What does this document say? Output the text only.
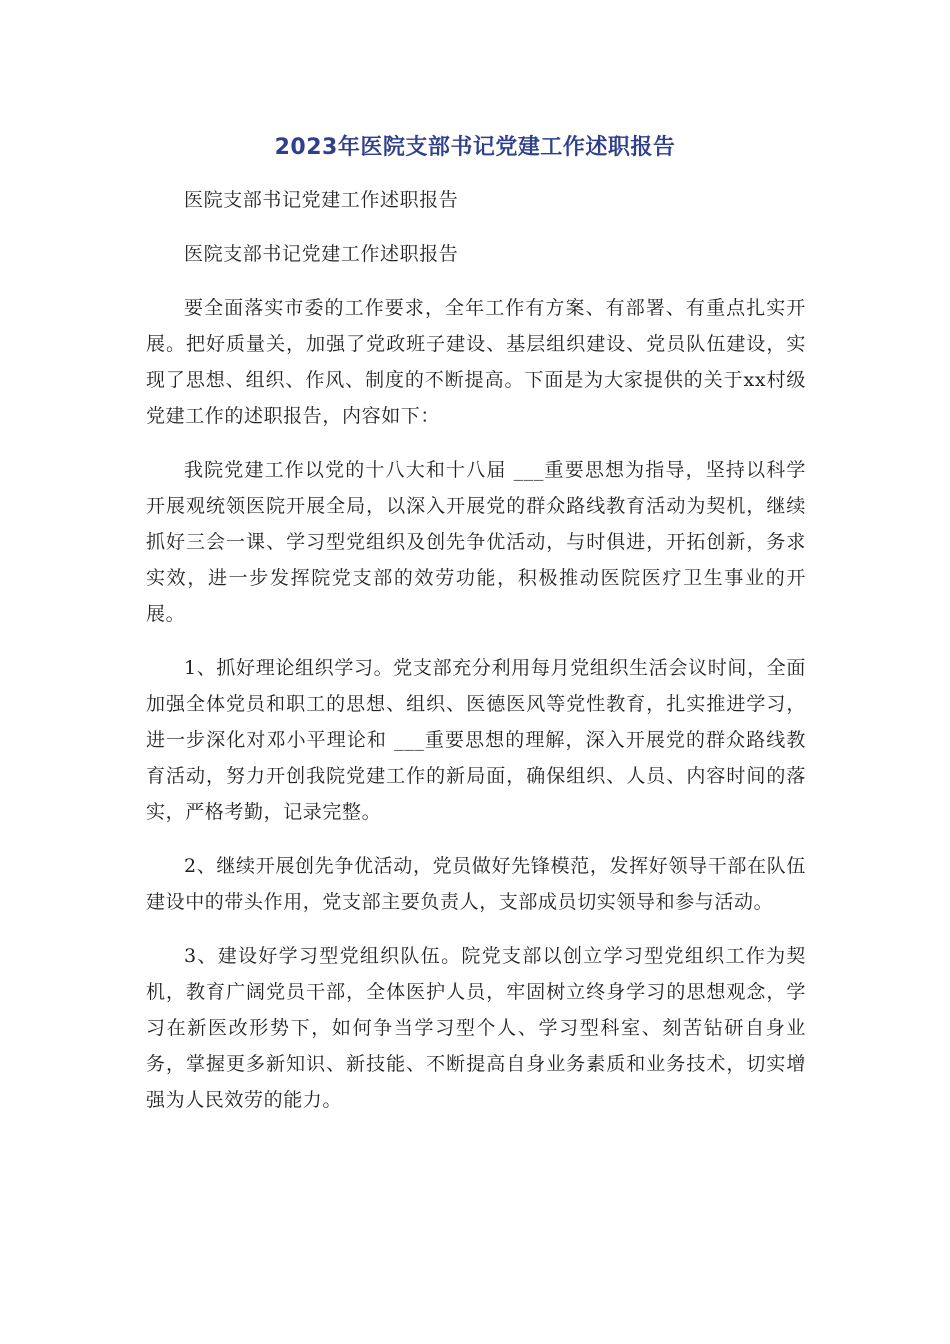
2023年医院支部书记党建工作述职报告

医院支部书记党建工作述职报告

医院支部书记党建工作述职报告

要全面落实市委的工作要求，全年工作有方案、有部署、有重点扎实开展。把好质量关，加强了党政班子建设、基层组织建设、党员队伍建设，实现了思想、组织、作风、制度的不断提高。下面是为大家提供的关于xx村级党建工作的述职报告，内容如下：

我院党建工作以党的十八大和十八届 ___重要思想为指导，坚持以科学开展观统领医院开展全局，以深入开展党的群众路线教育活动为契机，继续抓好三会一课、学习型党组织及创先争优活动，与时俱进，开拓创新，务求实效，进一步发挥院党支部的效劳功能，积极推动医院医疗卫生事业的开展。

1、抓好理论组织学习。党支部充分利用每月党组织生活会议时间，全面加强全体党员和职工的思想、组织、医德医风等党性教育，扎实推进学习，进一步深化对邓小平理论和 ___重要思想的理解，深入开展党的群众路线教育活动，努力开创我院党建工作的新局面，确保组织、人员、内容时间的落实，严格考勤，记录完整。

2、继续开展创先争优活动，党员做好先锋模范，发挥好领导干部在队伍建设中的带头作用，党支部主要负责人，支部成员切实领导和参与活动。

3、建设好学习型党组织队伍。院党支部以创立学习型党组织工作为契机，教育广阔党员干部，全体医护人员，牢固树立终身学习的思想观念，学习在新医改形势下，如何争当学习型个人、学习型科室、刻苦钻研自身业务，掌握更多新知识、新技能、不断提高自身业务素质和业务技术，切实增强为人民效劳的能力。
